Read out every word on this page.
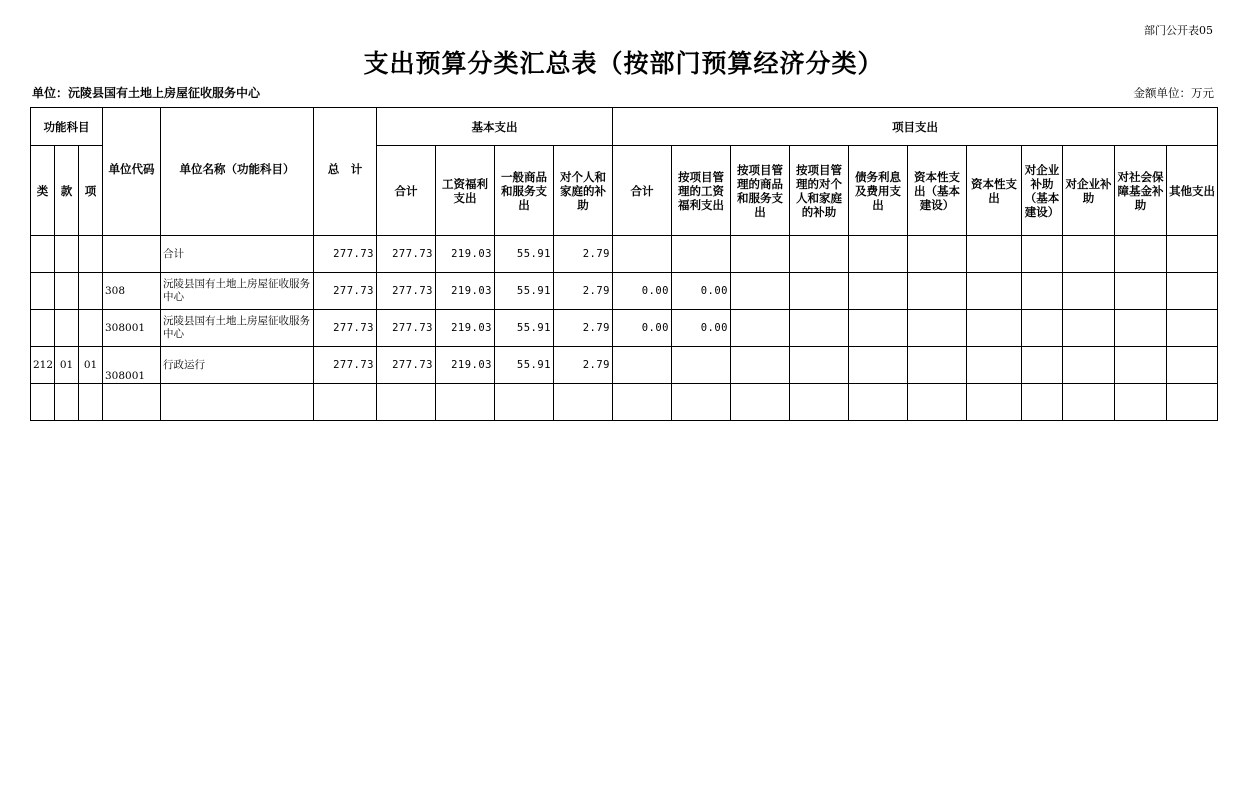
部门公开表05
支出预算分类汇总表（按部门预算经济分类）
单位：沅陵县国有土地上房屋征收服务中心	金额单位：万元
功能科目			单位代码	单位名称（功能科目）	总　计	基本支出				项目支出										
类	款	项				合计	工资福利支出	一般商品和服务支出	对个人和家庭的补助	合计	按项目管理的工资福利支出	按项目管理的商品和服务支出	按项目管理的对个人和家庭的补助	债务利息及费用支出	资本性支出（基本建设）	资本性支出	对企业补助（基本建设）	对企业补助	对社会保障基金补助	其他支出
				合计	277.73	277.73	219.03	55.91	2.79											
			308	沅陵县国有土地上房屋征收服务中心	277.73	277.73	219.03	55.91	2.79	0.00	0.00									
			308001	沅陵县国有土地上房屋征收服务中心	277.73	277.73	219.03	55.91	2.79	0.00	0.00									
212	01	01	308001	行政运行	277.73	277.73	219.03	55.91	2.79											
